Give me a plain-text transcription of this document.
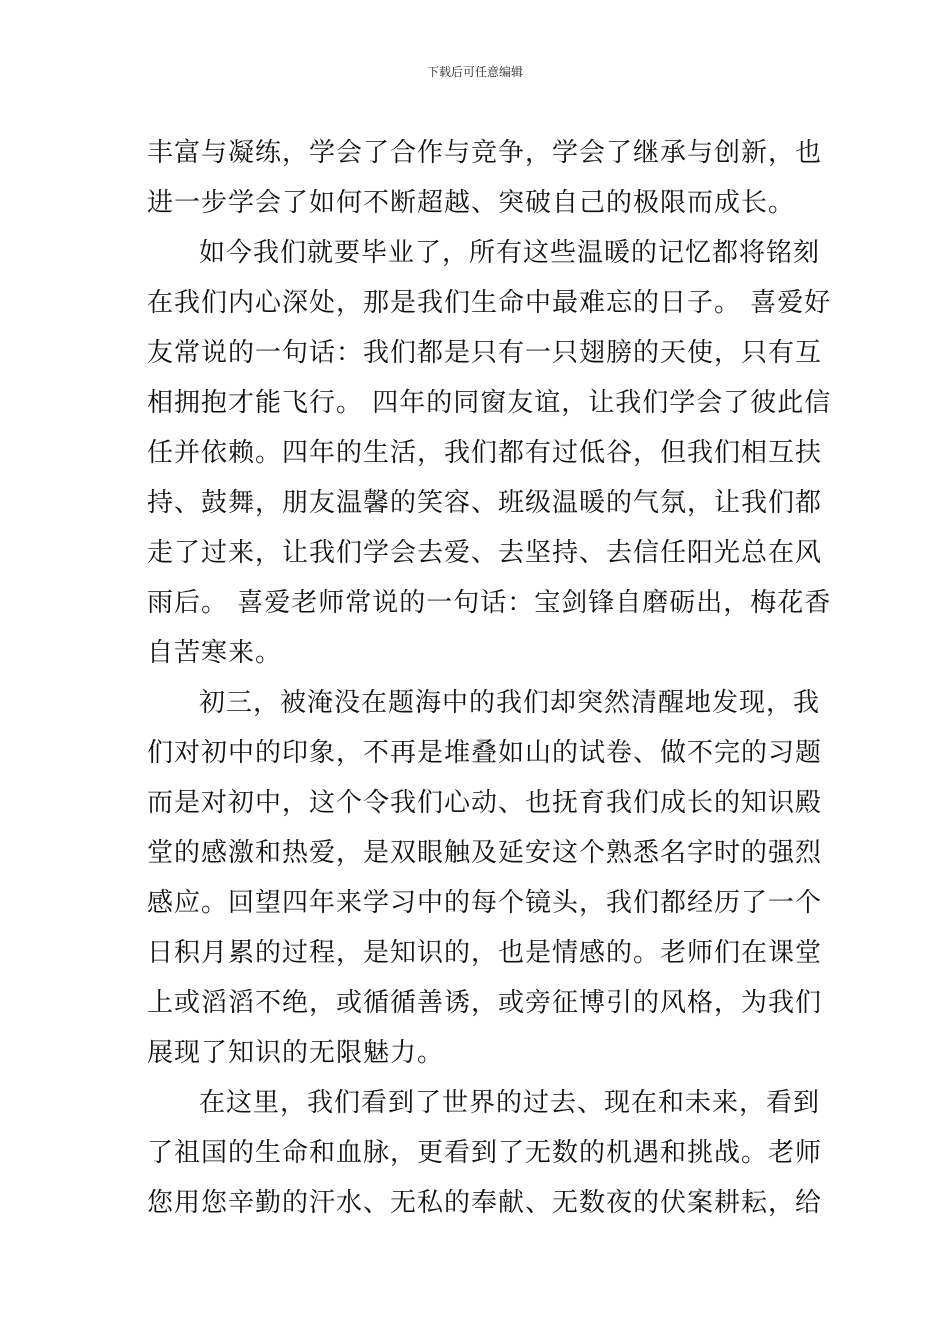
下载后可任意编辑
丰富与凝练，学会了合作与竞争，学会了继承与创新，也
进一步学会了如何不断超越、突破自己的极限而成长。
如今我们就要毕业了，所有这些温暖的记忆都将铭刻
在我们内心深处，那是我们生命中最难忘的日子。 喜爱好
友常说的一句话：我们都是只有一只翅膀的天使，只有互
相拥抱才能飞行。 四年的同窗友谊，让我们学会了彼此信
任并依赖。四年的生活，我们都有过低谷，但我们相互扶
持、鼓舞，朋友温馨的笑容、班级温暖的气氛，让我们都
走了过来，让我们学会去爱、去坚持、去信任阳光总在风
雨后。 喜爱老师常说的一句话：宝剑锋自磨砺出，梅花香
自苦寒来。
初三，被淹没在题海中的我们却突然清醒地发现，我
们对初中的印象，不再是堆叠如山的试卷、做不完的习题
而是对初中，这个令我们心动、也抚育我们成长的知识殿
堂的感激和热爱，是双眼触及延安这个熟悉名字时的强烈
感应。回望四年来学习中的每个镜头，我们都经历了一个
日积月累的过程，是知识的，也是情感的。老师们在课堂
上或滔滔不绝，或循循善诱，或旁征博引的风格，为我们
展现了知识的无限魅力。
在这里，我们看到了世界的过去、现在和未来，看到
了祖国的生命和血脉，更看到了无数的机遇和挑战。老师
您用您辛勤的汗水、无私的奉献、无数夜的伏案耕耘，给
